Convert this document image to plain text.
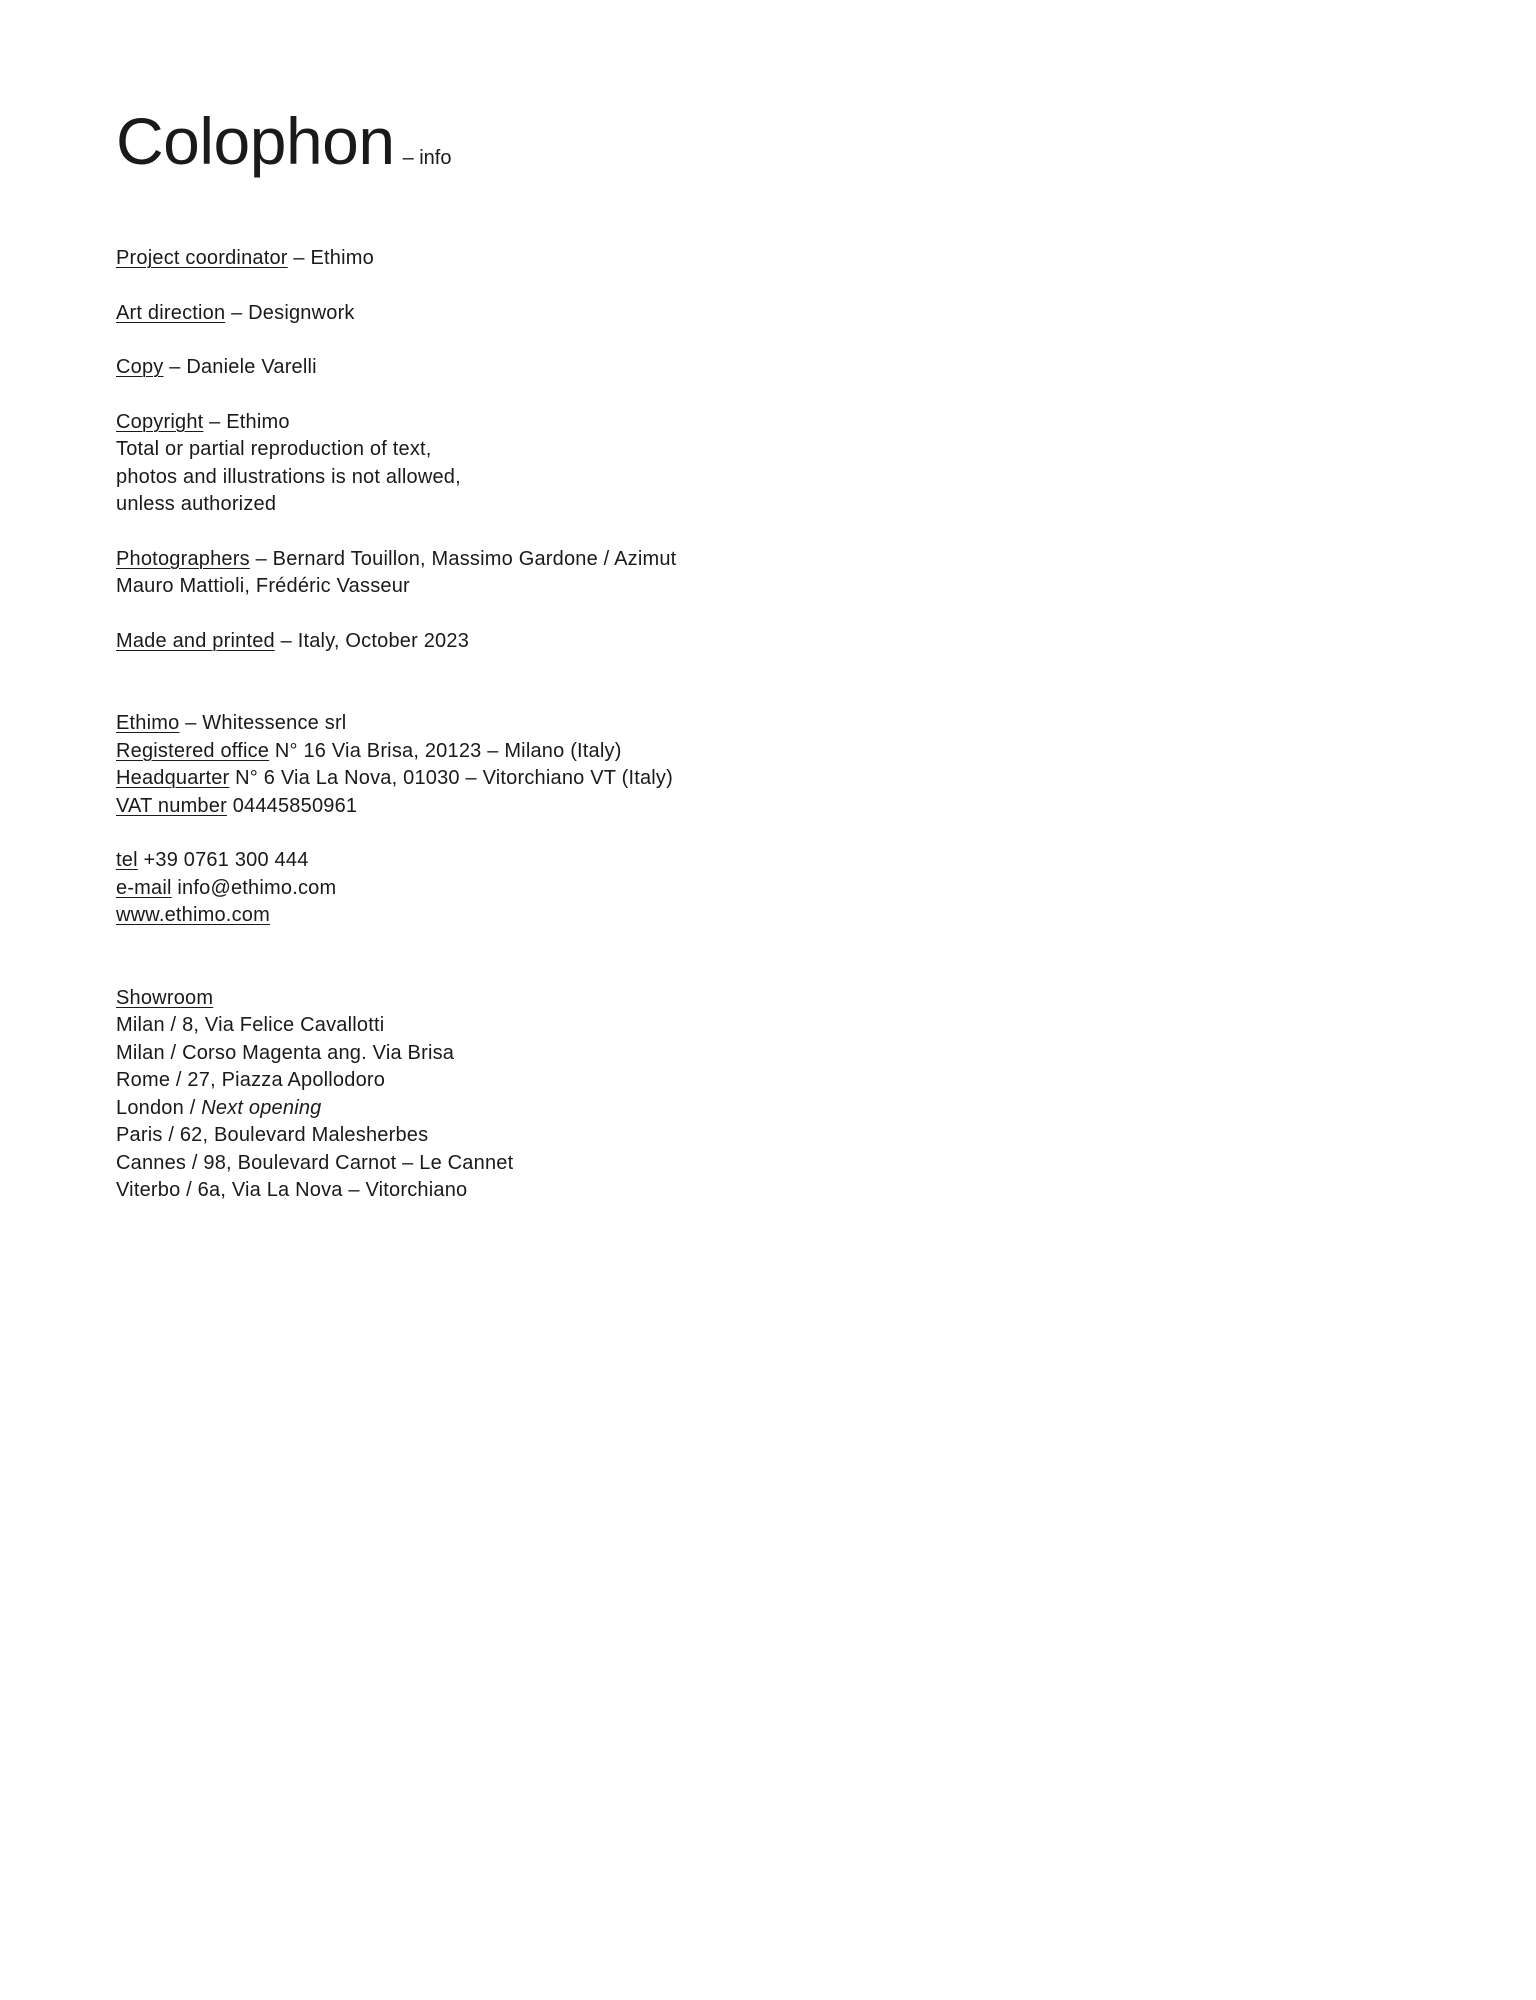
Colophon – info
Project coordinator – Ethimo
Art direction – Designwork
Copy – Daniele Varelli
Copyright – Ethimo
Total or partial reproduction of text,
photos and illustrations is not allowed,
unless authorized
Photographers – Bernard Touillon, Massimo Gardone / Azimut
Mauro Mattioli, Frédéric Vasseur
Made and printed – Italy, October 2023
Ethimo – Whitessence srl
Registered office N° 16 Via Brisa, 20123 – Milano (Italy)
Headquarter N° 6 Via La Nova, 01030 – Vitorchiano VT (Italy)
VAT number 04445850961
tel +39 0761 300 444
e-mail info@ethimo.com
www.ethimo.com
Showroom
Milan / 8, Via Felice Cavallotti
Milan / Corso Magenta ang. Via Brisa
Rome / 27, Piazza Apollodoro
London / Next opening
Paris / 62, Boulevard Malesherbes
Cannes / 98, Boulevard Carnot – Le Cannet
Viterbo / 6a, Via La Nova – Vitorchiano
